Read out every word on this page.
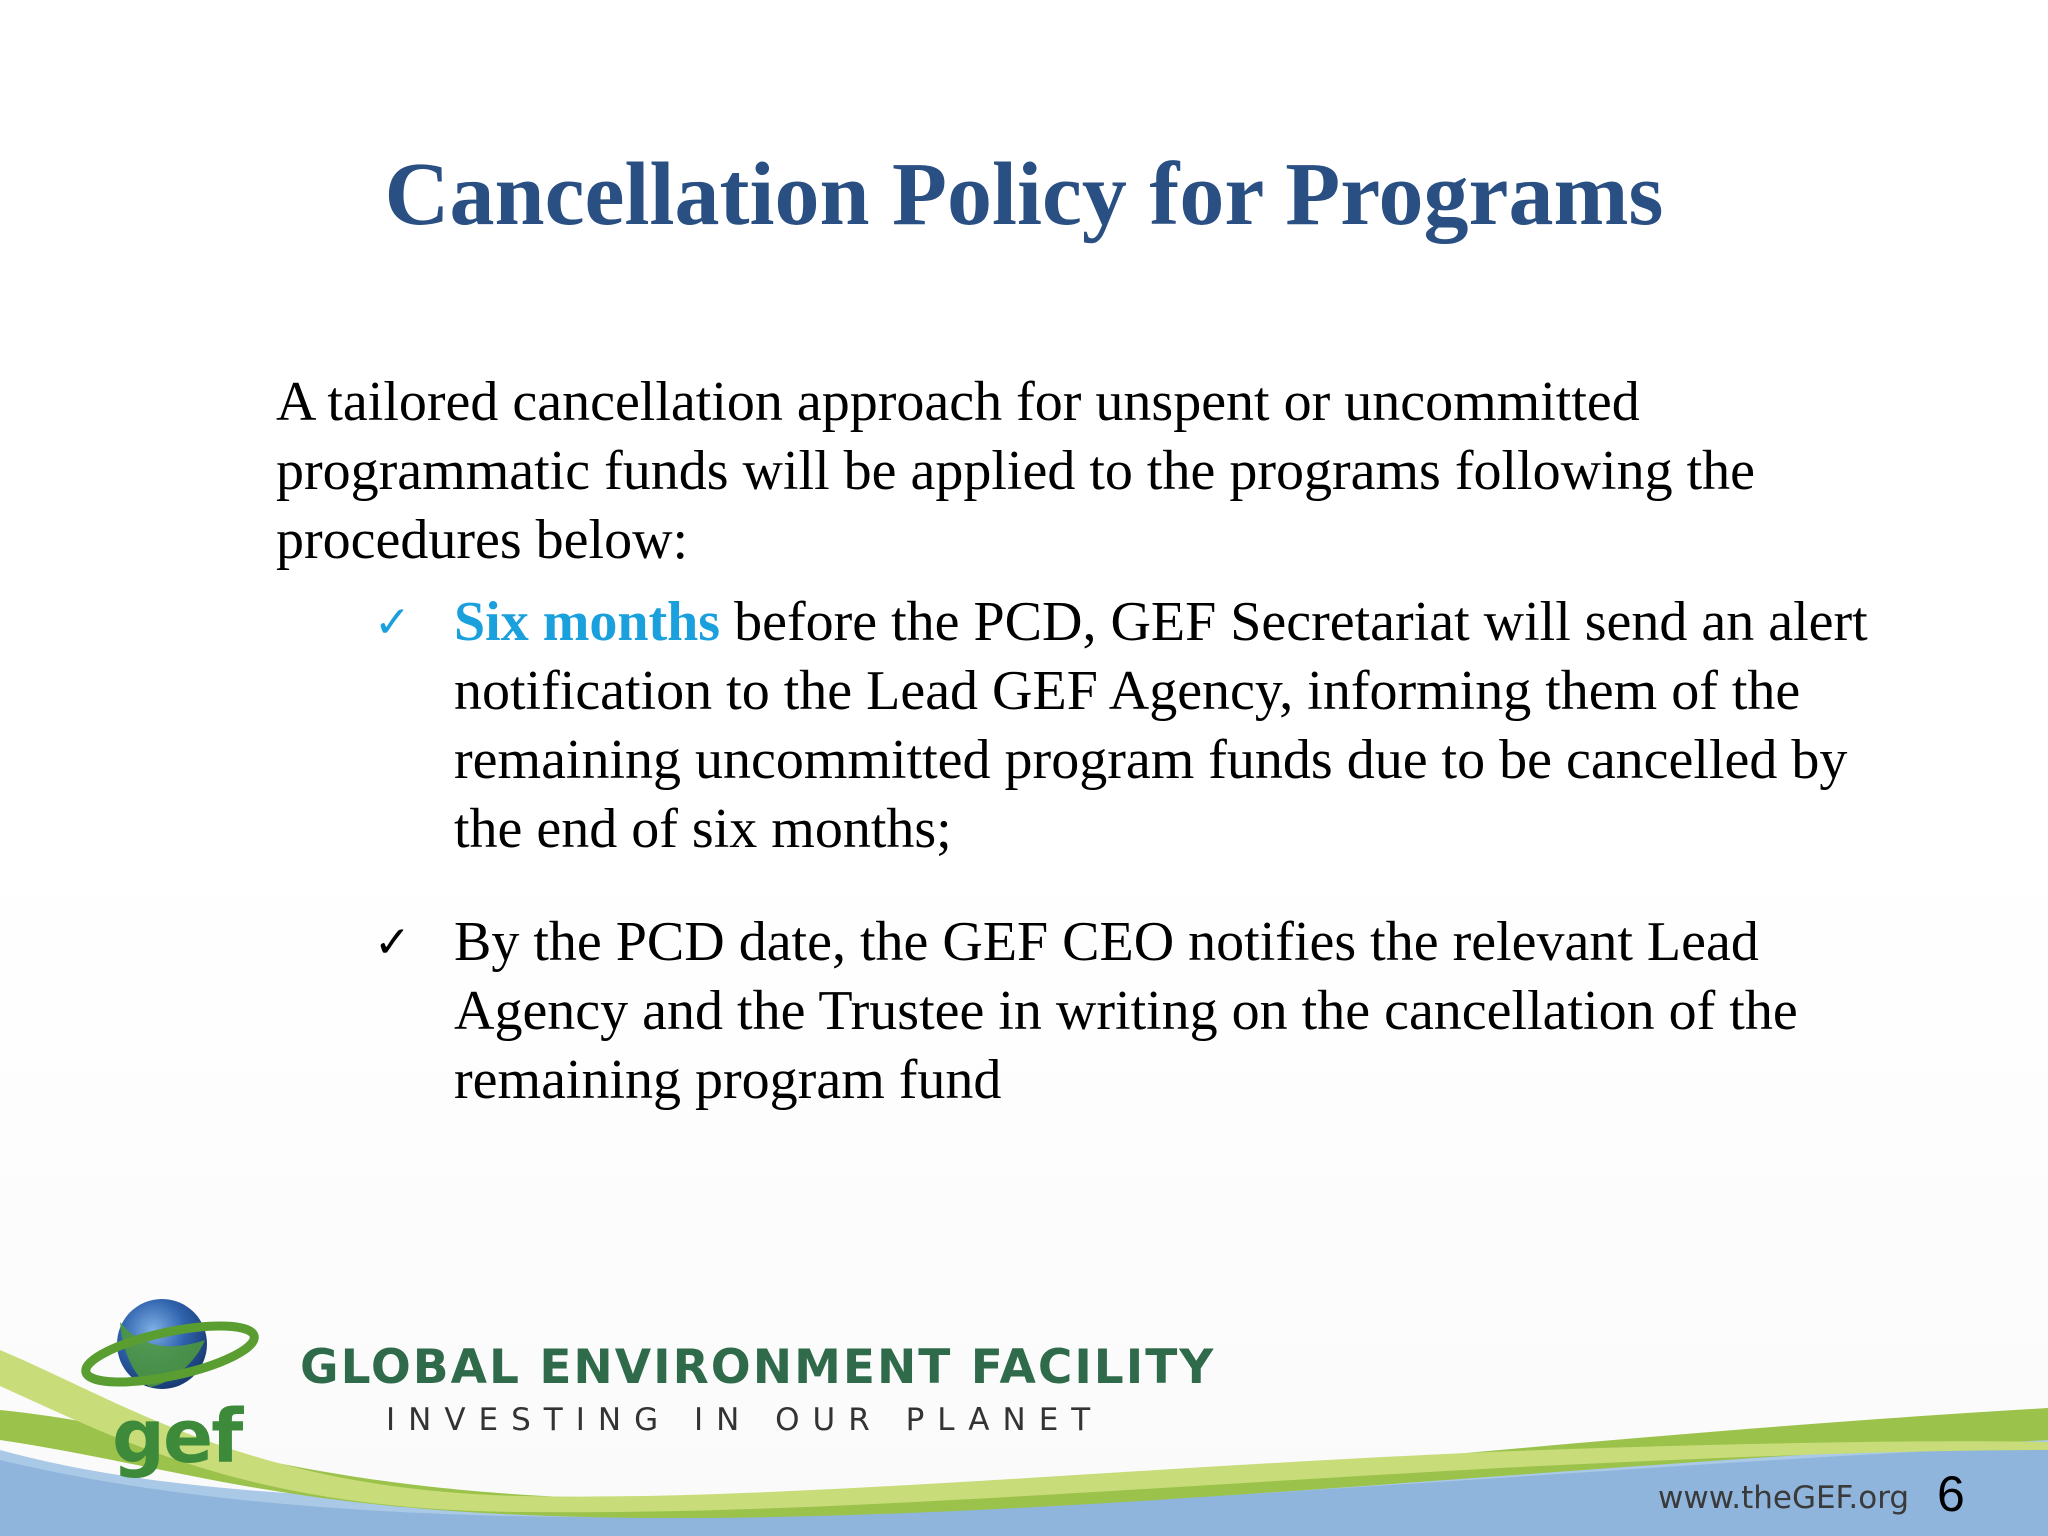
Cancellation Policy for Programs

A tailored cancellation approach for unspent or uncommitted programmatic funds will be applied to the programs following the procedures below:

✓ Six months before the PCD, GEF Secretariat will send an alert notification to the Lead GEF Agency, informing them of the remaining uncommitted program funds due to be cancelled by the end of six months;
✓ By the PCD date, the GEF CEO notifies the relevant Lead Agency and the Trustee in writing on the cancellation of the remaining program fund
gef
GLOBAL ENVIRONMENT FACILITY
INVESTING IN OUR PLANET
www.theGEF.org 6
